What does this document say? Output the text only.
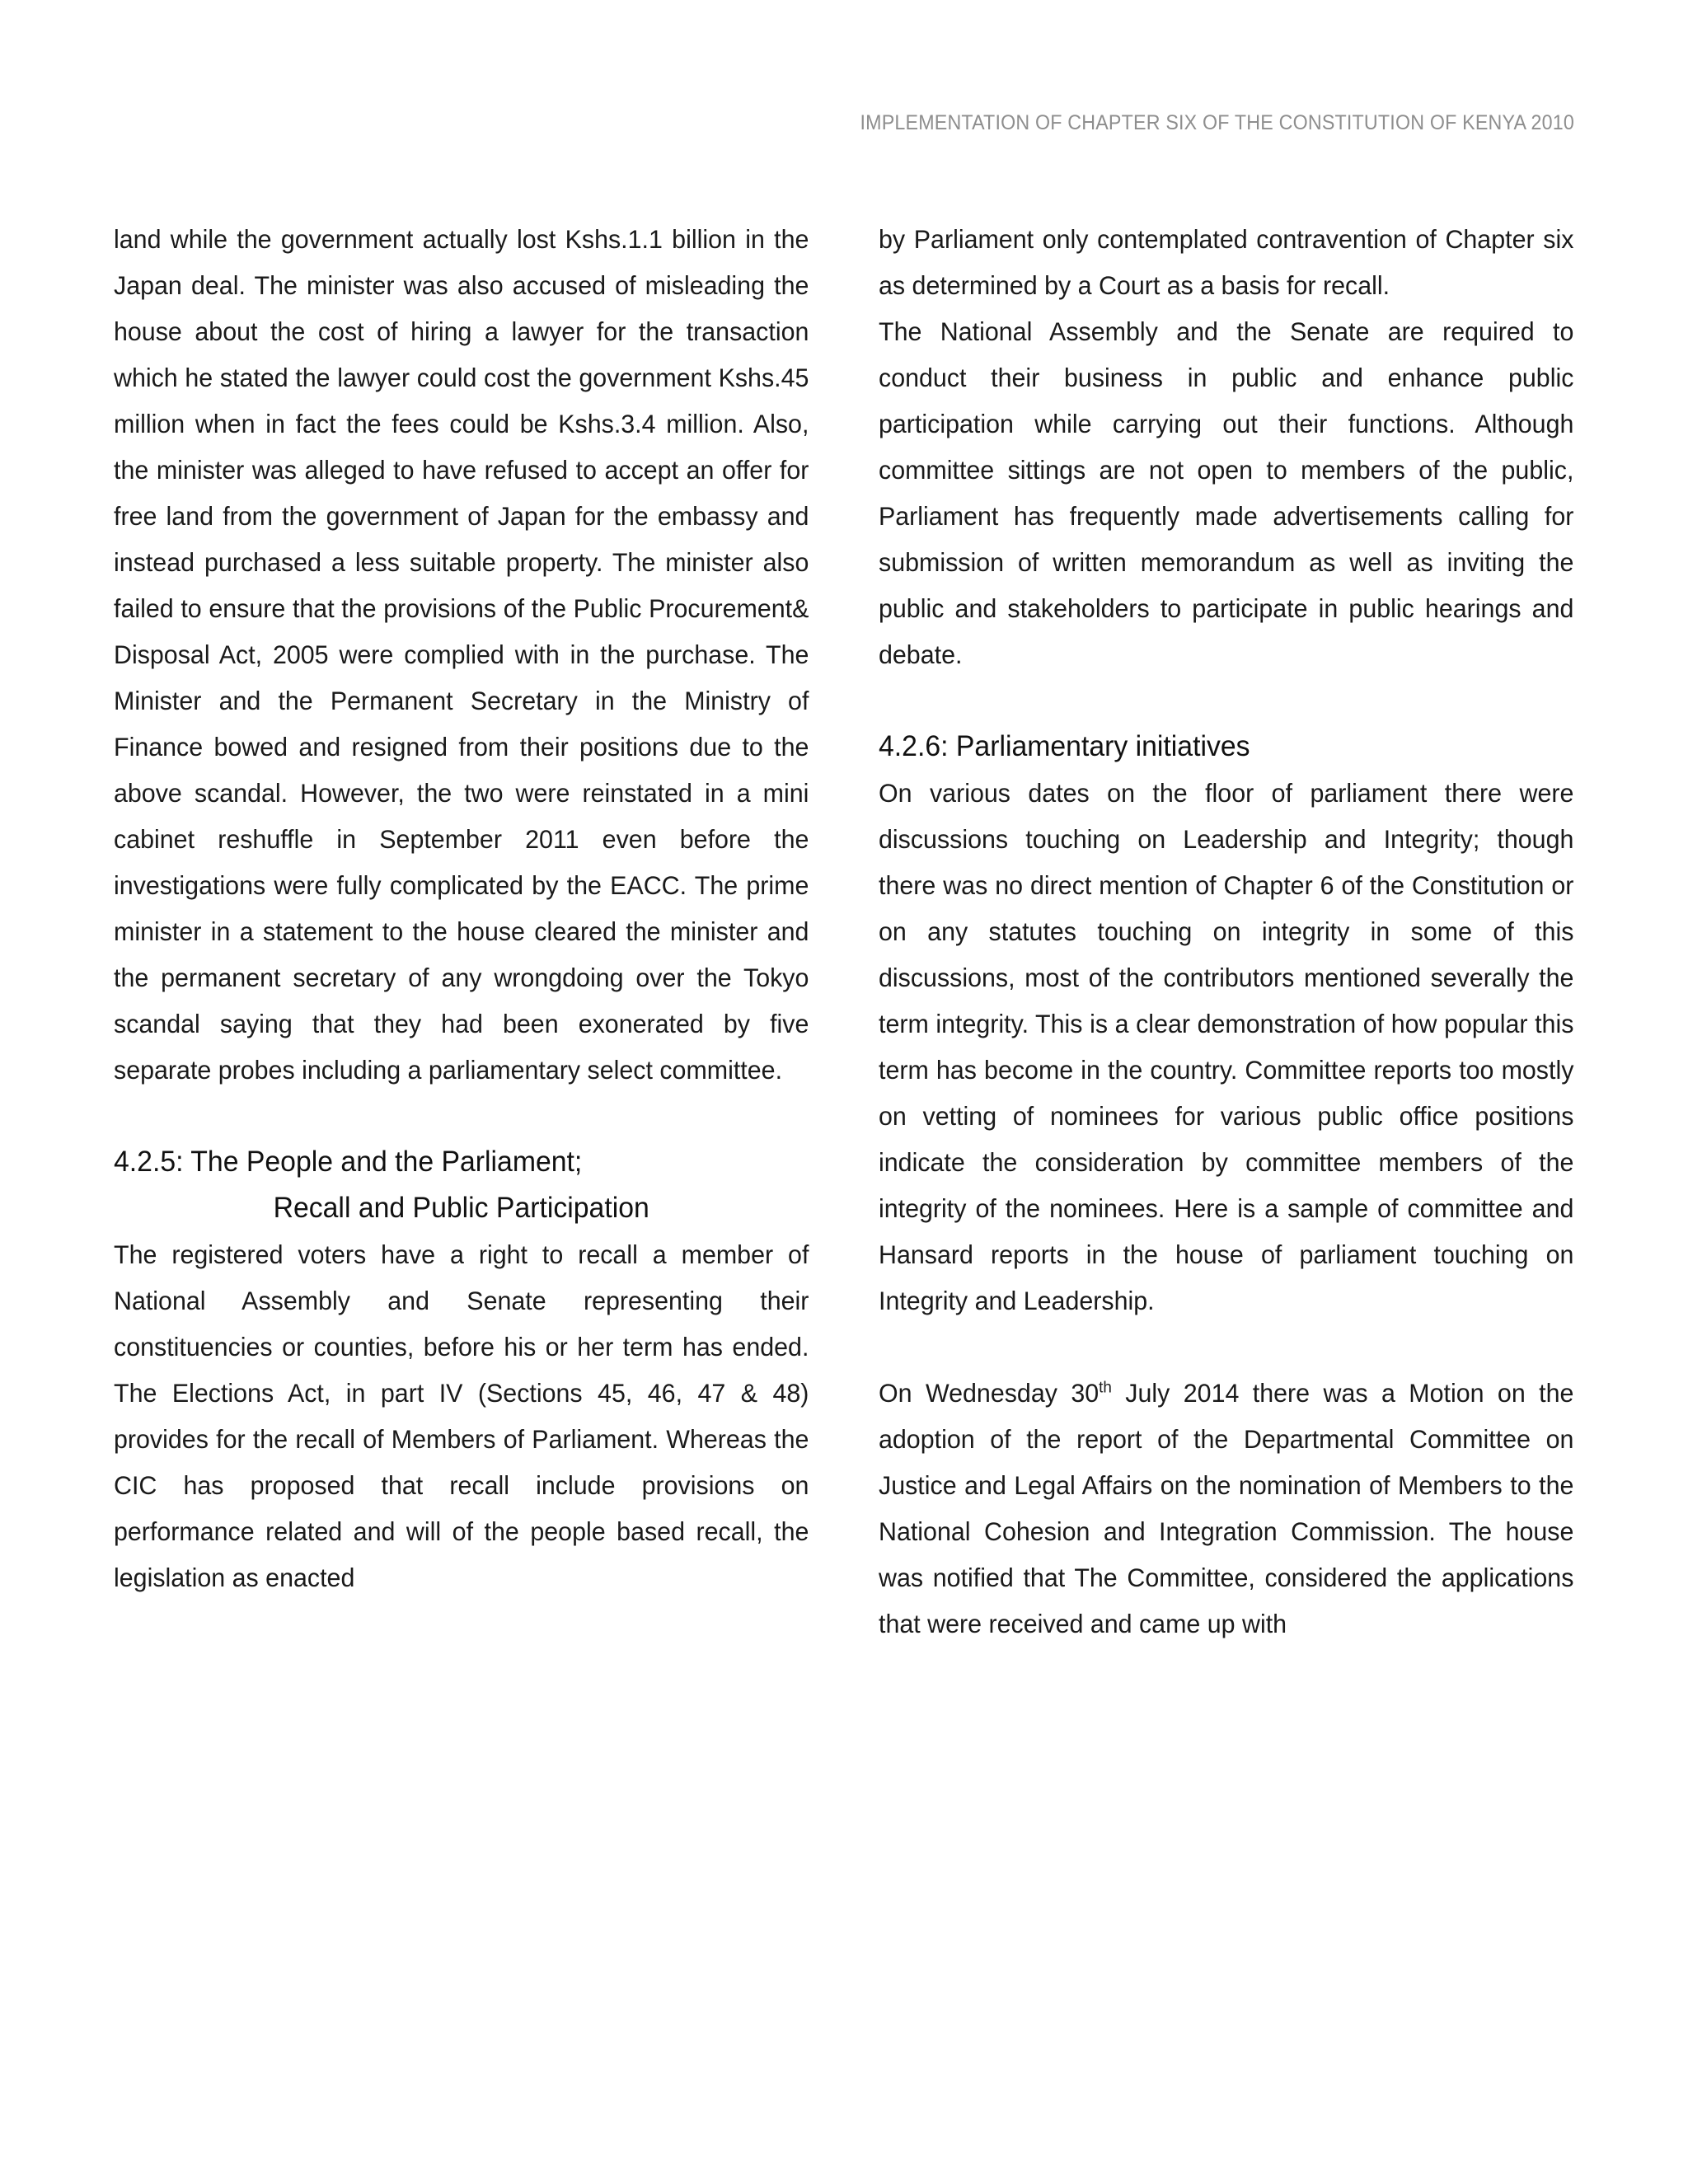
IMPLEMENTATION OF CHAPTER SIX OF THE CONSTITUTION OF KENYA 2010

land while the government actually lost Kshs.1.1 billion in the Japan deal. The minister was also accused of misleading the house about the cost of hiring a lawyer for the transaction which he stated the lawyer could cost the government Kshs.45 million when in fact the fees could be Kshs.3.4 million. Also, the minister was alleged to have refused to accept an offer for free land from the government of Japan for the embassy and instead purchased a less suitable property. The minister also failed to ensure that the provisions of the Public Procurement& Disposal Act, 2005 were complied with in the purchase. The Minister and the Permanent Secretary in the Ministry of Finance bowed and resigned from their positions due to the above scandal. However, the two were reinstated in a mini cabinet reshuffle in September 2011 even before the investigations were fully complicated by the EACC. The prime minister in a statement to the house cleared the minister and the permanent secretary of any wrongdoing over the Tokyo scandal saying that they had been exonerated by five separate probes including a parliamentary select committee.

4.2.5: The People and the Parliament;
Recall and Public Participation

The registered voters have a right to recall a member of National Assembly and Senate representing their constituencies or counties, before his or her term has ended. The Elections Act, in part IV (Sections 45, 46, 47 & 48) provides for the recall of Members of Parliament. Whereas the CIC has proposed that recall include provisions on performance related and will of the people based recall, the legislation as enacted

by Parliament only contemplated contravention of Chapter six as determined by a Court as a basis for recall.

The National Assembly and the Senate are required to conduct their business in public and enhance public participation while carrying out their functions. Although committee sittings are not open to members of the public, Parliament has frequently made advertisements calling for submission of written memorandum as well as inviting the public and stakeholders to participate in public hearings and debate.

4.2.6: Parliamentary initiatives

On various dates on the floor of parliament there were discussions touching on Leadership and Integrity; though there was no direct mention of Chapter 6 of the Constitution or on any statutes touching on integrity in some of this discussions, most of the contributors mentioned severally the term integrity. This is a clear demonstration of how popular this term has become in the country. Committee reports too mostly on vetting of nominees for various public office positions indicate the consideration by committee members of the integrity of the nominees. Here is a sample of committee and Hansard reports in the house of parliament touching on Integrity and Leadership.

On Wednesday 30th July 2014 there was a Motion on the adoption of the report of the Departmental Committee on Justice and Legal Affairs on the nomination of Members to the National Cohesion and Integration Commission. The house was notified that The Committee, considered the applications that were received and came up with
